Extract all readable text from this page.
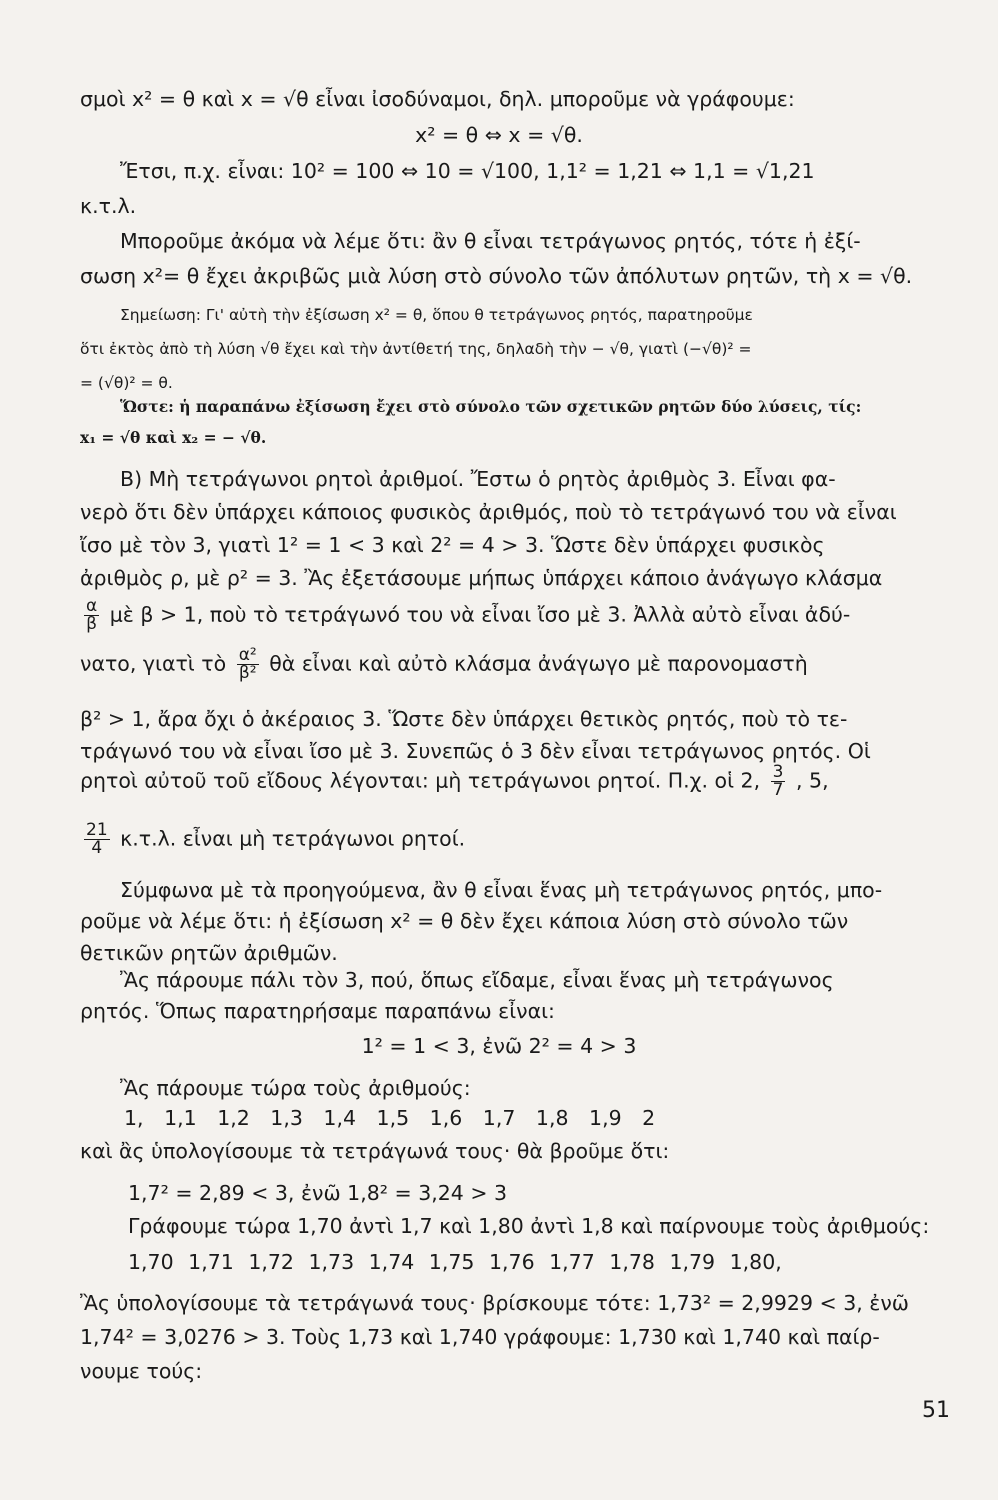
σμοὶ x² = θ καὶ x = √θ εἶναι ἰσοδύναμοι, δηλ. μποροῦμε νὰ γράφουμε:
x² = θ ⇔ x = √θ.
Ἔτσι, π.χ. εἶναι: 10² = 100 ⇔ 10 = √100, 1,1² = 1,21 ⇔ 1,1 = √1,21
κ.τ.λ.
Μποροῦμε ἀκόμα νὰ λέμε ὅτι: ἂν θ εἶναι τετράγωνος ρητός, τότε ἡ ἐξί-
σωση x²= θ ἔχει ἀκριβῶς μιὰ λύση στὸ σύνολο τῶν ἀπόλυτων ρητῶν, τὴ x = √θ.
Σημείωση: Γι' αὐτὴ τὴν ἐξίσωση x² = θ, ὅπου θ τετράγωνος ρητός, παρατηροῦμε
ὅτι ἐκτὸς ἀπὸ τὴ λύση √θ ἔχει καὶ τὴν ἀντίθετή της, δηλαδὴ τὴν − √θ, γιατὶ (−√θ)² =
= (√θ)² = θ.
Ὥστε: ἡ παραπάνω ἐξίσωση ἔχει στὸ σύνολο τῶν σχετικῶν ρητῶν δύο λύσεις, τίς:
x₁ = √θ καὶ x₂ = − √θ.
B) Μὴ τετράγωνοι ρητοὶ ἀριθμοί. Ἔστω ὁ ρητὸς ἀριθμὸς 3. Εἶναι φα-
νερὸ ὅτι δὲν ὑπάρχει κάποιος φυσικὸς ἀριθμός, ποὺ τὸ τετράγωνό του νὰ εἶναι
ἴσο μὲ τὸν 3, γιατὶ 1² = 1 < 3 καὶ 2² = 4 > 3. Ὥστε δὲν ὑπάρχει φυσικὸς
ἀριθμὸς ρ, μὲ ρ² = 3. Ἂς ἐξετάσουμε μήπως ὑπάρχει κάποιο ἀνάγωγο κλάσμα
$\frac{\alpha}{\beta}$ μὲ β > 1, ποὺ τὸ τετράγωνό του νὰ εἶναι ἴσο μὲ 3. Ἀλλὰ αὐτὸ εἶναι ἀδύ-
νατο, γιατὶ τὸ $\frac{\text{α²}}{\text{β²}}$ θὰ εἶναι καὶ αὐτὸ κλάσμα ἀνάγωγο μὲ παρονομαστὴ
β² > 1, ἄρα ὄχι ὁ ἀκέραιος 3. Ὥστε δὲν ὑπάρχει θετικὸς ρητός, ποὺ τὸ τε-
τράγωνό του νὰ εἶναι ἴσο μὲ 3. Συνεπῶς ὁ 3 δὲν εἶναι τετράγωνος ρητός. Οἱ
ρητοὶ αὐτοῦ τοῦ εἴδους λέγονται: μὴ τετράγωνοι ρητοί. Π.χ. οἱ 2, $\frac{3}{7}$ , 5,
$\frac{21}{4} \kappa.\tau.\lambda$. εἶναι μὴ τετράγωνοι ρητοί.
Σύμφωνα μὲ τὰ προηγούμενα, ἂν θ εἶναι ἕνας μὴ τετράγωνος ρητός, μπο-
ροῦμε νὰ λέμε ὅτι: ἡ ἐξίσωση x² = θ δὲν ἔχει κάποια λύση στὸ σύνολο τῶν
θετικῶν ρητῶν ἀριθμῶν.
Ἂς πάρουμε πάλι τὸν 3, πού, ὅπως εἴδαμε, εἶναι ἕνας μὴ τετράγωνος
ρητός. Ὅπως παρατηρήσαμε παραπάνω εἶναι:
1² = 1 < 3, ἐνῶ 2² = 4 > 3
Ἂς πάρουμε τώρα τοὺς ἀριθμούς:
1, 1,1 1,2 1,3 1,4 1,5 1,6 1,7 1,8 1,9 2
καὶ ἂς ὑπολογίσουμε τὰ τετράγωνά τους· θὰ βροῦμε ὅτι:
1,7² = 2,89 < 3, ἐνῶ 1,8² = 3,24 > 3
Γράφουμε τώρα 1,70 ἀντὶ 1,7 καὶ 1,80 ἀντὶ 1,8 καὶ παίρνουμε τοὺς ἀριθμούς:
1,70 1,71 1,72 1,73 1,74 1,75 1,76 1,77 1,78 1,79 1,80,
Ἂς ὑπολογίσουμε τὰ τετράγωνά τους· βρίσκουμε τότε: 1,73² = 2,9929 < 3, ἐνῶ
1,74² = 3,0276 > 3. Τοὺς 1,73 καὶ 1,740 γράφουμε: 1,730 καὶ 1,740 καὶ παίρ-
νουμε τούς:
51
